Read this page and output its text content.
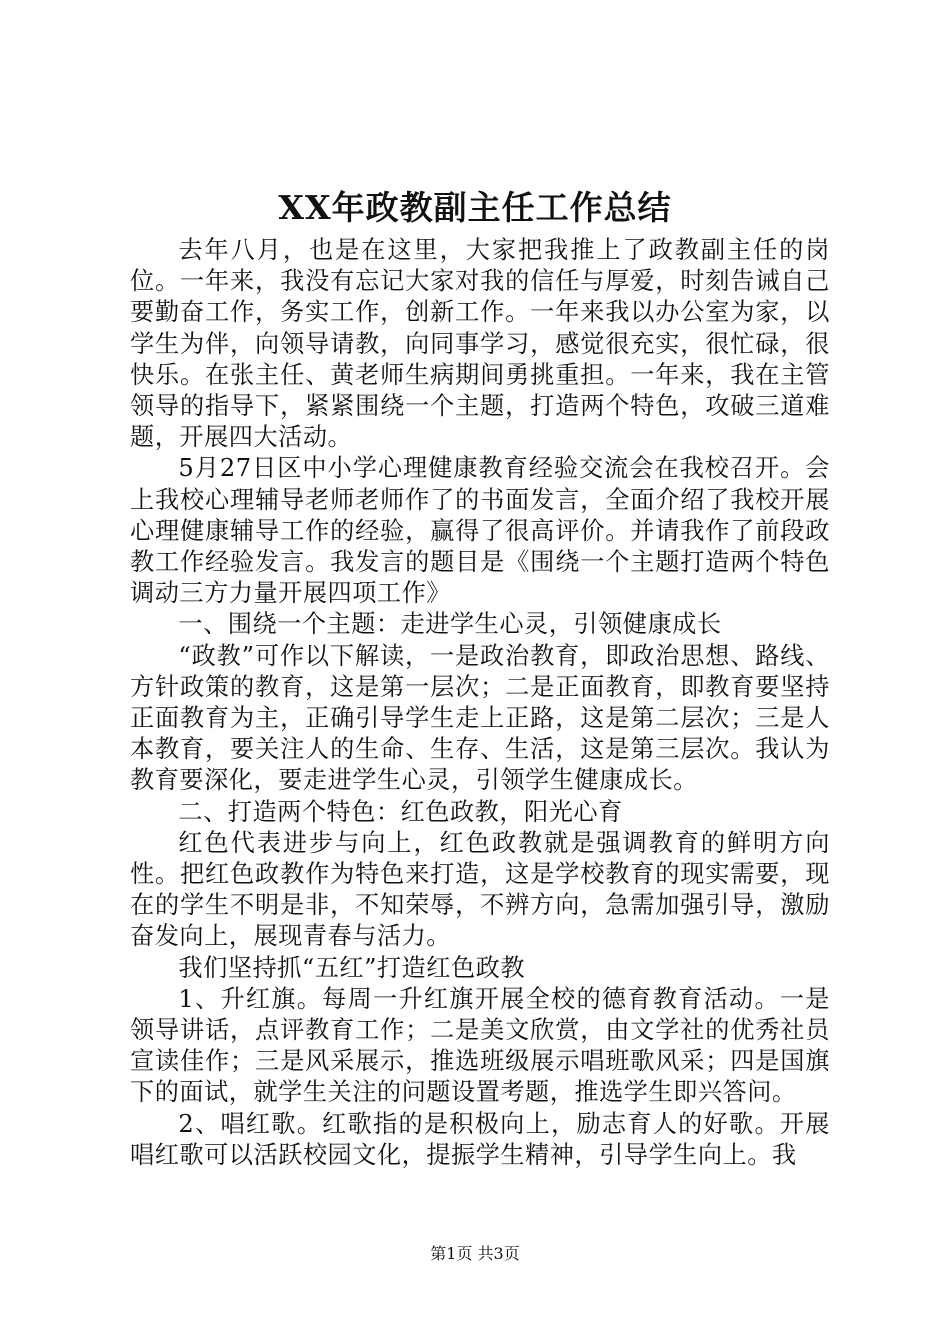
XX年政教副主任工作总结

去年八月，也是在这里，大家把我推上了政教副主任的岗位。一年来，我没有忘记大家对我的信任与厚爱，时刻告诫自己要勤奋工作，务实工作，创新工作。一年来我以办公室为家，以学生为伴，向领导请教，向同事学习，感觉很充实，很忙碌，很快乐。在张主任、黄老师生病期间勇挑重担。一年来，我在主管领导的指导下，紧紧围绕一个主题，打造两个特色，攻破三道难题，开展四大活动。

5月27日区中小学心理健康教育经验交流会在我校召开。会上我校心理辅导老师老师作了的书面发言，全面介绍了我校开展心理健康辅导工作的经验，赢得了很高评价。并请我作了前段政教工作经验发言。我发言的题目是《围绕一个主题打造两个特色调动三方力量开展四项工作》

一、围绕一个主题：走进学生心灵，引领健康成长

“政教”可作以下解读，一是政治教育，即政治思想、路线、方针政策的教育，这是第一层次；二是正面教育，即教育要坚持正面教育为主，正确引导学生走上正路，这是第二层次；三是人本教育，要关注人的生命、生存、生活，这是第三层次。我认为教育要深化，要走进学生心灵，引领学生健康成长。

二、打造两个特色：红色政教，阳光心育

红色代表进步与向上，红色政教就是强调教育的鲜明方向性。把红色政教作为特色来打造，这是学校教育的现实需要，现在的学生不明是非，不知荣辱，不辨方向，急需加强引导，激励奋发向上，展现青春与活力。

我们坚持抓“五红”打造红色政教

1、升红旗。每周一升红旗开展全校的德育教育活动。一是领导讲话，点评教育工作；二是美文欣赏，由文学社的优秀社员宣读佳作；三是风采展示，推选班级展示唱班歌风采；四是国旗下的面试，就学生关注的问题设置考题，推选学生即兴答问。

2、唱红歌。红歌指的是积极向上，励志育人的好歌。开展唱红歌可以活跃校园文化，提振学生精神，引导学生向上。我

第1页 共3页
